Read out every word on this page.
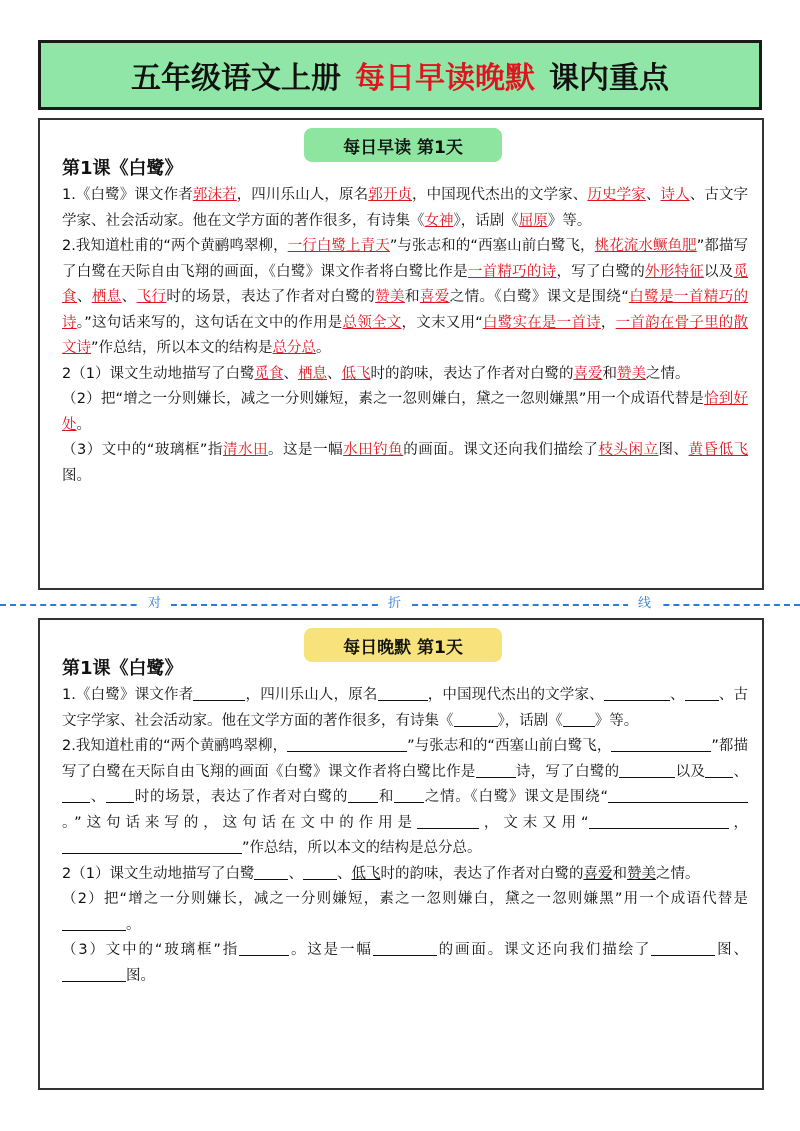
五年级语文上册 每日早读晚默 课内重点
每日早读 第1天
第1课《白鹭》

1.《白鹭》课文作者郭沫若，四川乐山人，原名郭开贞，中国现代杰出的文学家、历史学家、诗人、古文字学家、社会活动家。他在文学方面的著作很多，有诗集《女神》，话剧《屈原》等。

2.我知道杜甫的“两个黄鹂鸣翠柳，一行白鹭上青天”与张志和的“西塞山前白鹭飞，桃花流水鳜鱼肥”都描写了白鹭在天际自由飞翔的画面，《白鹭》课文作者将白鹭比作是一首精巧的诗，写了白鹭的外形特征以及觅食、栖息、飞行时的场景，表达了作者对白鹭的赞美和喜爱之情。《白鹭》课文是围绕“白鹭是一首精巧的诗。”这句话来写的，这句话在文中的作用是总领全文，文末又用“白鹭实在是一首诗，一首韵在骨子里的散文诗”作总结，所以本文的结构是总分总。

2（1）课文生动地描写了白鹭觅食、栖息、低飞时的韵味，表达了作者对白鹭的喜爱和赞美之情。

（2）把“增之一分则嫌长，减之一分则嫌短，素之一忽则嫌白，黛之一忽则嫌黑”用一个成语代替是恰到好处。

（3）文中的“玻璃框”指清水田。这是一幅水田钓鱼的画面。课文还向我们描绘了枝头闲立图、黄昏低飞图。

对	折	线
每日晚默 第1天
第1课《白鹭》

1.《白鹭》课文作者	，四川乐山人，原名	，中国现代杰出的文学家、	、 、古文字学家、社会活动家。他在文学方面的著作很多，有诗集《	》，话剧《 》等。

2.我知道杜甫的“两个黄鹂鸣翠柳，	”与张志和的“西塞山前白鹭飞，	”都描写了白鹭在天际自由飞翔的画面《白鹭》课文作者将白鹭比作是	诗，写了白鹭的	以及 、、 时的场景，表达了作者对白鹭的 和 之情。《白鹭》课文是围绕“。”这句话来写的，这句话在文中的作用是	，文末又用“	，”作总结，所以本文的结构是总分总。

2（1）课文生动地描写了白鹭 、 、低飞时的韵味，表达了作者对白鹭的喜爱和赞美之情。

（2）把“增之一分则嫌长，减之一分则嫌短，素之一忽则嫌白，黛之一忽则嫌黑”用一个成语代替是。

（3）文中的“玻璃框”指	。这是一幅	的画面。课文还向我们描绘了	图、图。
